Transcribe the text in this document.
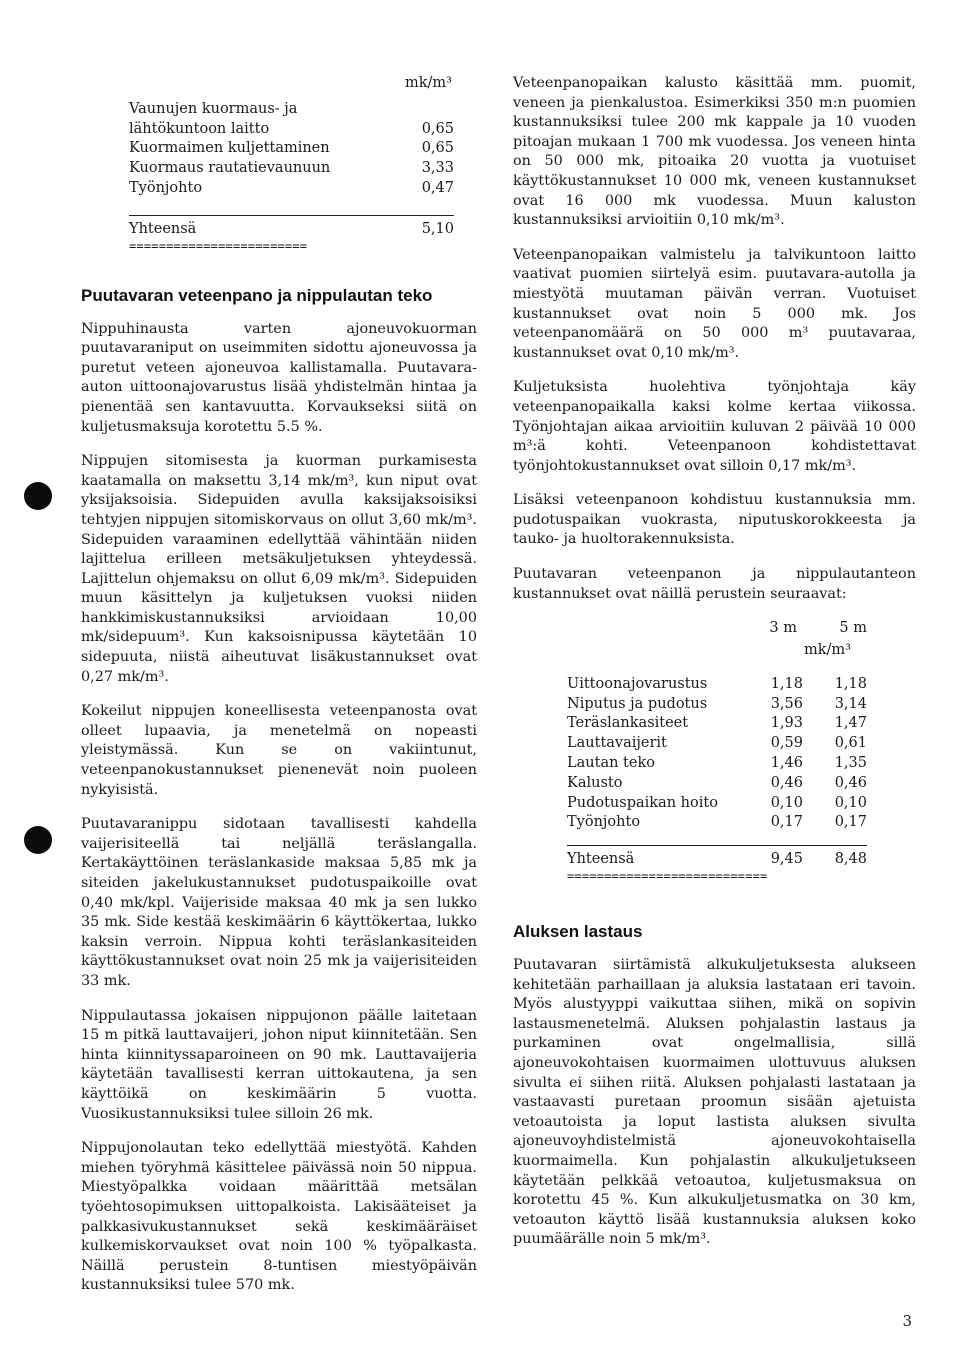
mk/m³
Vaunujen kuormaus- ja
lähtökuntoon laitto	0,65
Kuormaimen kuljettaminen	0,65
Kuormaus rautatievaunuun	3,33
Työnjohto	0,47
Yhteensä	5,10
========================
Puutavaran veteenpano ja nippulautan teko

Nippuhinausta varten ajoneuvokuorman puutavaraniput on useimmiten sidottu ajoneuvossa ja puretut veteen ajoneuvoa kallistamalla. Puutavara-auton uittoonajovarustus lisää yhdistelmän hintaa ja pienentää sen kantavuutta. Korvaukseksi siitä on kuljetusmaksuja korotettu 5.5 %.

Nippujen sitomisesta ja kuorman purkamisesta kaatamalla on maksettu 3,14 mk/m³, kun niput ovat yksijaksoisia. Sidepuiden avulla kaksijaksoisiksi tehtyjen nippujen sitomiskorvaus on ollut 3,60 mk/m³. Sidepuiden varaaminen edellyttää vähintään niiden lajittelua erilleen metsäkuljetuksen yhteydessä. Lajittelun ohjemaksu on ollut 6,09 mk/m³. Sidepuiden muun käsittelyn ja kuljetuksen vuoksi niiden hankkimiskustannuksiksi arvioidaan 10,00 mk/sidepuum³. Kun kaksoisnipussa käytetään 10 sidepuuta, niistä aiheutuvat lisäkustannukset ovat 0,27 mk/m³.

Kokeilut nippujen koneellisesta veteenpanosta ovat olleet lupaavia, ja menetelmä on nopeasti yleistymässä. Kun se on vakiintunut, veteenpanokustannukset pienenevät noin puoleen nykyisistä.

Puutavaranippu sidotaan tavallisesti kahdella vaijerisiteellä tai neljällä teräslangalla. Kertakäyttöinen teräslankaside maksaa 5,85 mk ja siteiden jakelukustannukset pudotuspaikoille ovat 0,40 mk/kpl. Vaijeriside maksaa 40 mk ja sen lukko 35 mk. Side kestää keskimäärin 6 käyttökertaa, lukko kaksin verroin. Nippua kohti teräslankasiteiden käyttökustannukset ovat noin 25 mk ja vaijerisiteiden 33 mk.

Nippulautassa jokaisen nippujonon päälle laitetaan 15 m pitkä lauttavaijeri, johon niput kiinnitetään. Sen hinta kiinnityssaparoineen on 90 mk. Lauttavaijeria käytetään tavallisesti kerran uittokautena, ja sen käyttöikä on keskimäärin 5 vuotta. Vuosikustannuksiksi tulee silloin 26 mk.

Nippujonolautan teko edellyttää miestyötä. Kahden miehen työryhmä käsittelee päivässä noin 50 nippua. Miestyöpalkka voidaan määrittää metsälan työehtosopimuksen uittopalkoista. Lakisääteiset ja palkkasivukustannukset sekä keskimääräiset kulkemiskorvaukset ovat noin 100 % työpalkasta. Näillä perustein 8-tuntisen miestyöpäivän kustannuksiksi tulee 570 mk.

Veteenpanopaikan kalusto käsittää mm. puomit, veneen ja pienkalustoa. Esimerkiksi 350 m:n puomien kustannuksiksi tulee 200 mk kappale ja 10 vuoden pitoajan mukaan 1 700 mk vuodessa. Jos veneen hinta on 50 000 mk, pitoaika 20 vuotta ja vuotuiset käyttökustannukset 10 000 mk, veneen kustannukset ovat 16 000 mk vuodessa. Muun kaluston kustannuksiksi arvioitiin 0,10 mk/m³.

Veteenpanopaikan valmistelu ja talvikuntoon laitto vaativat puomien siirtelyä esim. puutavara-autolla ja miestyötä muutaman päivän verran. Vuotuiset kustannukset ovat noin 5 000 mk. Jos veteenpanomäärä on 50 000 m³ puutavaraa, kustannukset ovat 0,10 mk/m³.

Kuljetuksista huolehtiva työnjohtaja käy veteenpanopaikalla kaksi kolme kertaa viikossa. Työnjohtajan aikaa arvioitiin kuluvan 2 päivää 10 000 m³:ä kohti. Veteenpanoon kohdistettavat työnjohtokustannukset ovat silloin 0,17 mk/m³.

Lisäksi veteenpanoon kohdistuu kustannuksia mm. pudotuspaikan vuokrasta, niputuskorokkeesta ja tauko- ja huoltorakennuksista.

Puutavaran veteenpanon ja nippulautanteon kustannukset ovat näillä perustein seuraavat:

3 m	5 m
mk/m³
Uittoonajovarustus	1,18	1,18
Niputus ja pudotus	3,56	3,14
Teräslankasiteet	1,93	1,47
Lauttavaijerit	0,59	0,61
Lautan teko	1,46	1,35
Kalusto	0,46	0,46
Pudotuspaikan hoito	0,10	0,10
Työnjohto	0,17	0,17
Yhteensä	9,45	8,48
===========================
Aluksen lastaus

Puutavaran siirtämistä alkukuljetuksesta alukseen kehitetään parhaillaan ja aluksia lastataan eri tavoin. Myös alustyyppi vaikuttaa siihen, mikä on sopivin lastausmenetelmä. Aluksen pohjalastin lastaus ja purkaminen ovat ongelmallisia, sillä ajoneuvokohtaisen kuormaimen ulottuvuus aluksen sivulta ei siihen riitä. Aluksen pohjalasti lastataan ja vastaavasti puretaan proomun sisään ajetuista vetoautoista ja loput lastista aluksen sivulta ajoneuvoyhdistelmistä ajoneuvokohtaisella kuormaimella. Kun pohjalastin alkukuljetukseen käytetään pelkkää vetoautoa, kuljetusmaksua on korotettu 45 %. Kun alkukuljetusmatka on 30 km, vetoauton käyttö lisää kustannuksia aluksen koko puumäärälle noin 5 mk/m³.

3
